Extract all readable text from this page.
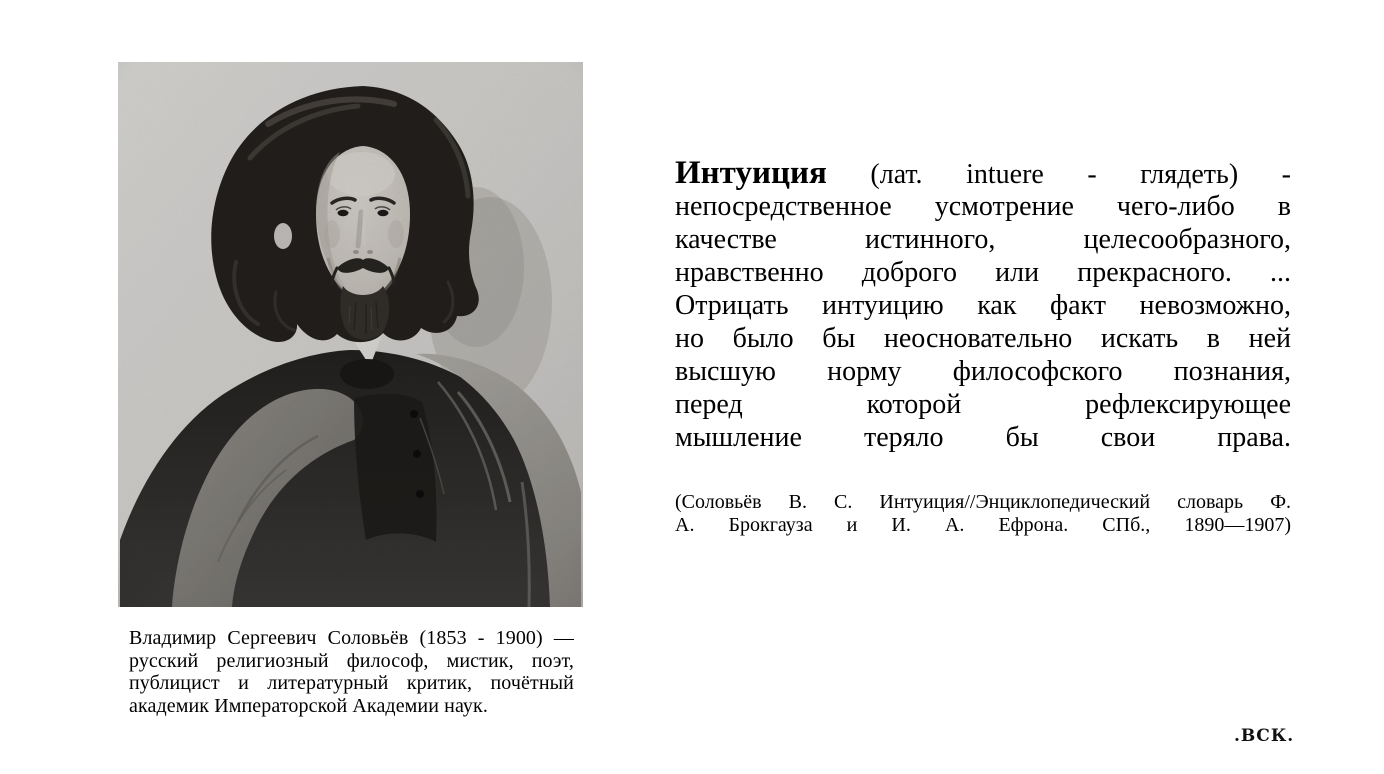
Владимир Сергеевич Соловьёв (1853 - 1900) —
русский религиозный философ, мистик, поэт,
публицист и литературный критик, почётный
академик Императорской Академии наук.
Интуиция (лат. intuere - глядеть) -
непосредственное усмотрение чего-либо в
качестве истинного, целесообразного,
нравственно доброго или прекрасного. ...
Отрицать интуицию как факт невозможно,
но было бы неосновательно искать в ней
высшую норму философского познания,
перед которой рефлексирующее
мышление теряло бы свои права.
(Соловьёв В. С. Интуиция//Энциклопедический словарь Ф.
А. Брокгауза и И. А. Ефрона. СПб., 1890—1907)
.ВСК.
